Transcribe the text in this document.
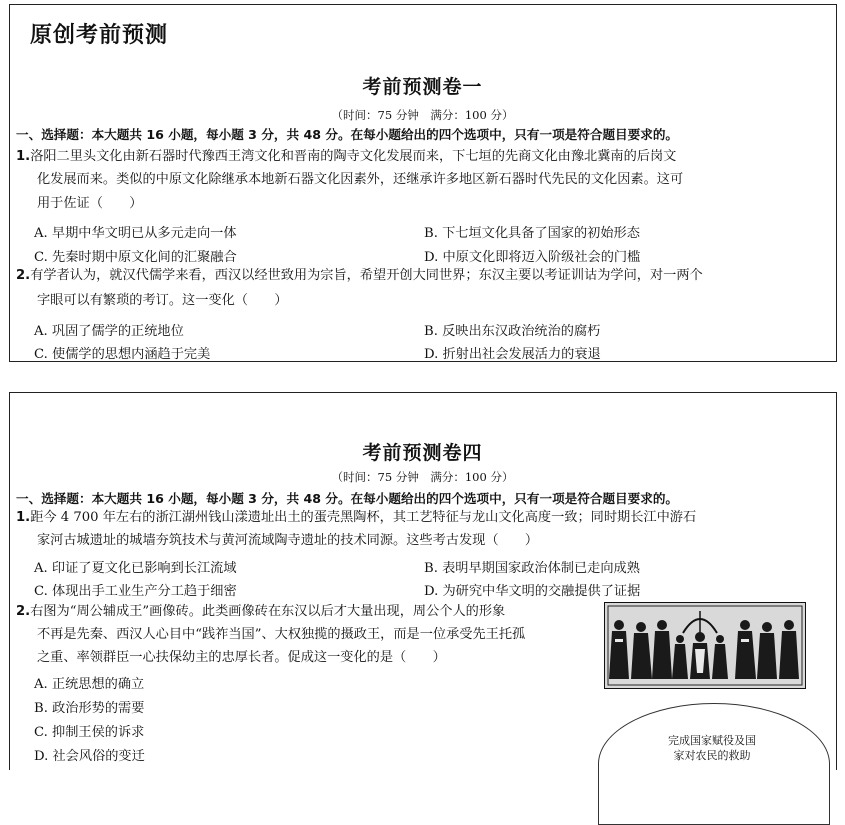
原创考前预测
考前预测卷一
（时间：75 分钟　满分：100 分）
一、选择题：本大题共 16 小题，每小题 3 分，共 48 分。在每小题给出的四个选项中，只有一项是符合题目要求的。
1.洛阳二里头文化由新石器时代豫西王湾文化和晋南的陶寺文化发展而来，下七垣的先商文化由豫北冀南的后岗文
化发展而来。类似的中原文化除继承本地新石器文化因素外，还继承许多地区新石器时代先民的文化因素。这可
用于佐证（　　）
A. 早期中华文明已从多元走向一体	B. 下七垣文化具备了国家的初始形态
C. 先秦时期中原文化间的汇聚融合	D. 中原文化即将迈入阶级社会的门槛
2.有学者认为，就汉代儒学来看，西汉以经世致用为宗旨，希望开创大同世界；东汉主要以考证训诂为学问，对一两个
字眼可以有繁琐的考订。这一变化（　　）
A. 巩固了儒学的正统地位	B. 反映出东汉政治统治的腐朽
C. 使儒学的思想内涵趋于完美	D. 折射出社会发展活力的衰退
考前预测卷四
（时间：75 分钟　满分：100 分）
一、选择题：本大题共 16 小题，每小题 3 分，共 48 分。在每小题给出的四个选项中，只有一项是符合题目要求的。
1.距今 4 700 年左右的浙江湖州钱山漾遗址出土的蛋壳黑陶杯，其工艺特征与龙山文化高度一致；同时期长江中游石
家河古城遗址的城墙夯筑技术与黄河流域陶寺遗址的技术同源。这些考古发现（　　）
A. 印证了夏文化已影响到长江流域	B. 表明早期国家政治体制已走向成熟
C. 体现出手工业生产分工趋于细密	D. 为研究中华文明的交融提供了证据
2.右图为“周公辅成王”画像砖。此类画像砖在东汉以后才大量出现，周公个人的形象
不再是先秦、西汉人心目中“践祚当国”、大权独揽的摄政王，而是一位承受先王托孤
之重、率领群臣一心扶保幼主的忠厚长者。促成这一变化的是（　　）
A. 正统思想的确立
B. 政治形势的需要
C. 抑制王侯的诉求
D. 社会风俗的变迁
完成国家赋役及国
家对农民的救助
